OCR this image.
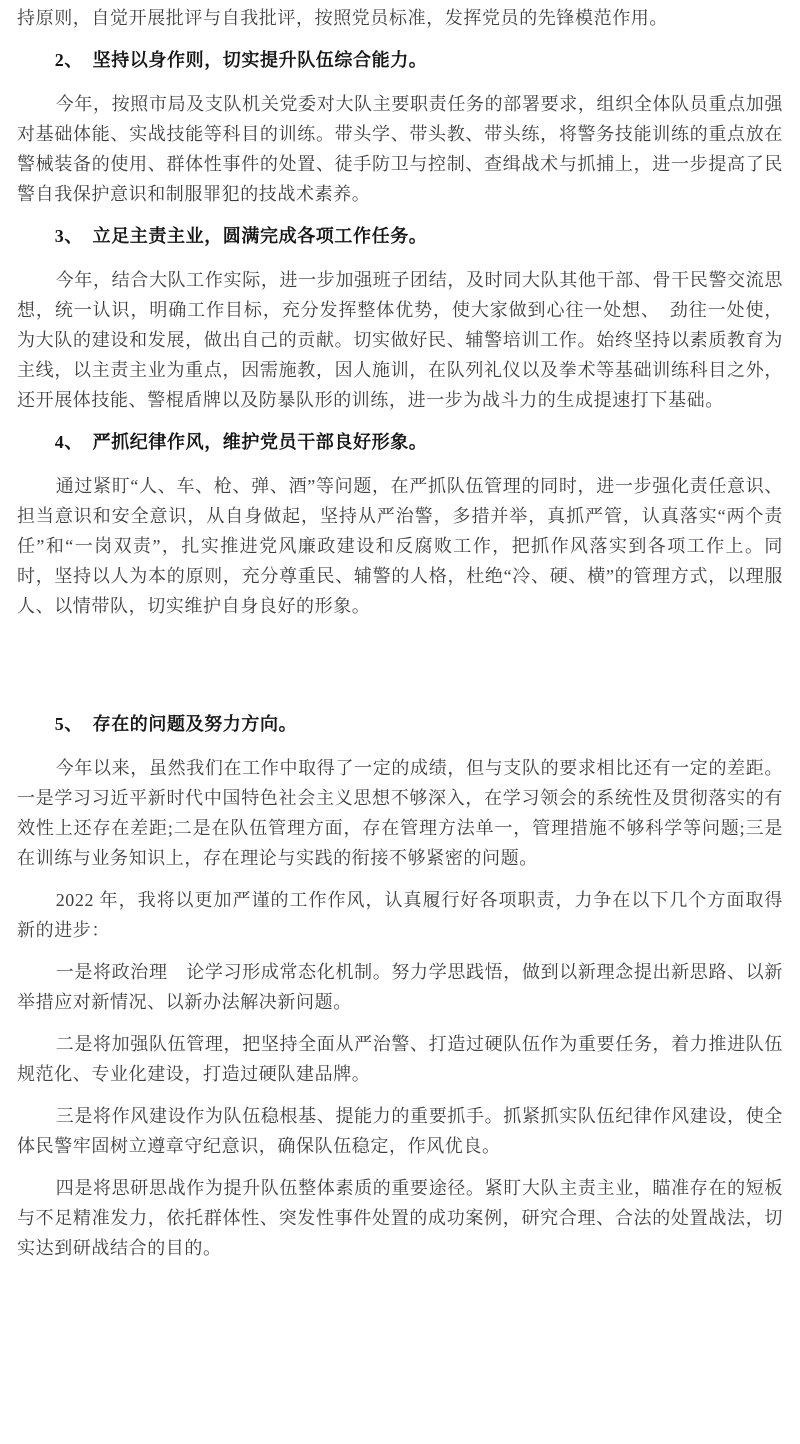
持原则，自觉开展批评与自我批评，按照党员标准，发挥党员的先锋模范作用。

2、　坚持以身作则，切实提升队伍综合能力。

今年，按照市局及支队机关党委对大队主要职责任务的部署要求，组织全体队员重点加强对基础体能、实战技能等科目的训练。带头学、带头教、带头练，将警务技能训练的重点放在警械装备的使用、群体性事件的处置、徒手防卫与控制、查缉战术与抓捕上，进一步提高了民警自我保护意识和制服罪犯的技战术素养。

3、　立足主责主业，圆满完成各项工作任务。

今年，结合大队工作实际，进一步加强班子团结，及时同大队其他干部、骨干民警交流思想，统一认识，明确工作目标，充分发挥整体优势，使大家做到心往一处想、　劲往一处使，为大队的建设和发展，做出自己的贡献。切实做好民、辅警培训工作。始终坚持以素质教育为主线，以主责主业为重点，因需施教，因人施训，在队列礼仪以及拳术等基础训练科目之外，还开展体技能、警棍盾牌以及防暴队形的训练，进一步为战斗力的生成提速打下基础。

4、　严抓纪律作风，维护党员干部良好形象。

通过紧盯“人、车、枪、弹、酒”等问题，在严抓队伍管理的同时，进一步强化责任意识、担当意识和安全意识，从自身做起，坚持从严治警，多措并举，真抓严管，认真落实“两个责任”和“一岗双责”，扎实推进党风廉政建设和反腐败工作，把抓作风落实到各项工作上。同时，坚持以人为本的原则，充分尊重民、辅警的人格，杜绝“冷、硬、横”的管理方式，以理服人、以情带队，切实维护自身良好的形象。

5、　存在的问题及努力方向。

今年以来，虽然我们在工作中取得了一定的成绩，但与支队的要求相比还有一定的差距。一是学习习近平新时代中国特色社会主义思想不够深入，在学习领会的系统性及贯彻落实的有效性上还存在差距;二是在队伍管理方面，存在管理方法单一，管理措施不够科学等问题;三是在训练与业务知识上，存在理论与实践的衔接不够紧密的问题。

2022 年，我将以更加严谨的工作作风，认真履行好各项职责，力争在以下几个方面取得新的进步：

一是将政治理　论学习形成常态化机制。努力学思践悟，做到以新理念提出新思路、以新举措应对新情况、以新办法解决新问题。

二是将加强队伍管理，把坚持全面从严治警、打造过硬队伍作为重要任务，着力推进队伍规范化、专业化建设，打造过硬队建品牌。

三是将作风建设作为队伍稳根基、提能力的重要抓手。抓紧抓实队伍纪律作风建设，使全体民警牢固树立遵章守纪意识，确保队伍稳定，作风优良。

四是将思研思战作为提升队伍整体素质的重要途径。紧盯大队主责主业，瞄准存在的短板与不足精准发力，依托群体性、突发性事件处置的成功案例，研究合理、合法的处置战法，切实达到研战结合的目的。
